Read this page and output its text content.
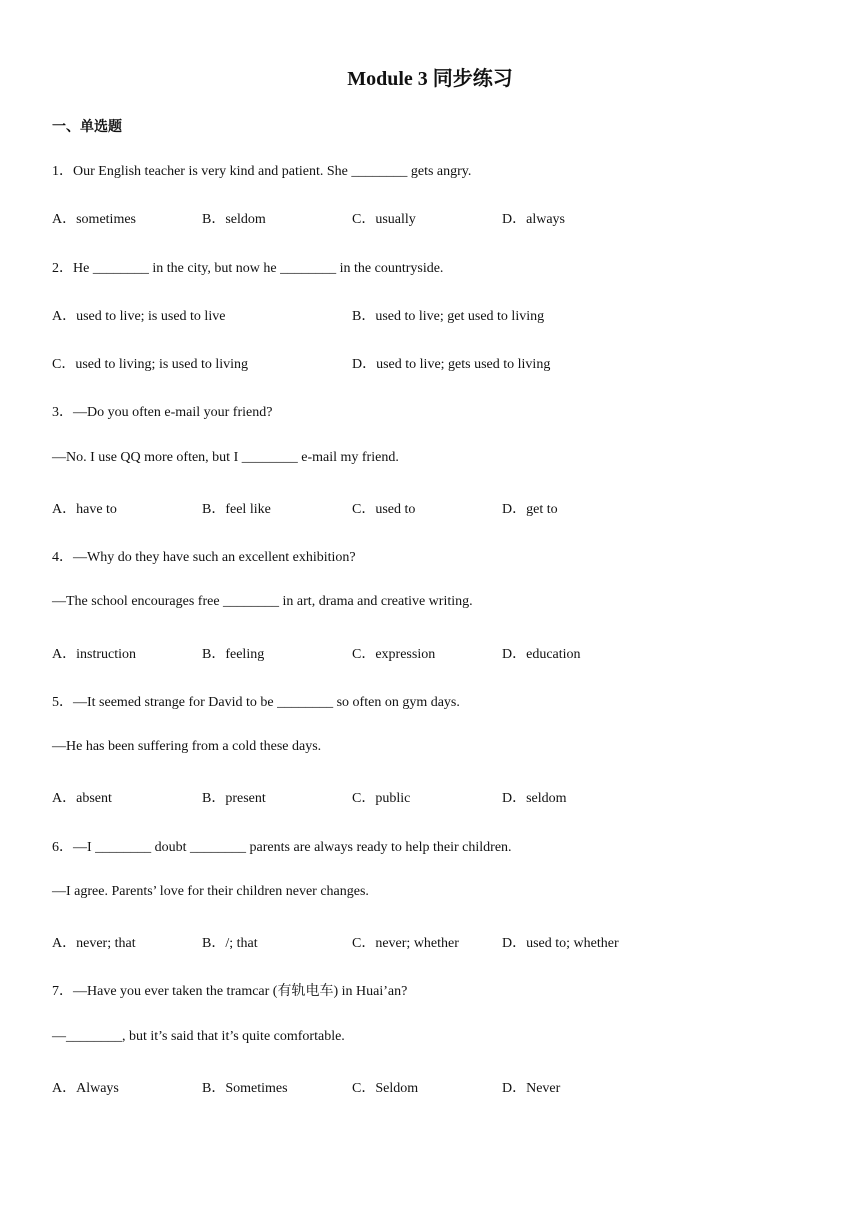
Module 3 同步练习
一、单选题
1．Our English teacher is very kind and patient. She ________ gets angry.
A．sometimes	B．seldom	C．usually	D．always
2．He ________ in the city, but now he ________ in the countryside.
A．used to live; is used to live	B．used to live; get used to living
C．used to living; is used to living	D．used to live; gets used to living
3．—Do you often e-mail your friend?
—No. I use QQ more often, but I ________ e-mail my friend.
A．have to	B．feel like	C．used to	D．get to
4．—Why do they have such an excellent exhibition?
—The school encourages free ________ in art, drama and creative writing.
A．instruction	B．feeling	C．expression	D．education
5．—It seemed strange for David to be ________ so often on gym days.
—He has been suffering from a cold these days.
A．absent	B．present	C．public	D．seldom
6．—I ________ doubt ________ parents are always ready to help their children.
—I agree. Parents’ love for their children never changes.
A．never; that	B．/; that	C．never; whether	D．used to; whether
7．—Have you ever taken the tramcar (有轨电车) in Huai’an?
—________, but it’s said that it’s quite comfortable.
A．Always	B．Sometimes	C．Seldom	D．Never
